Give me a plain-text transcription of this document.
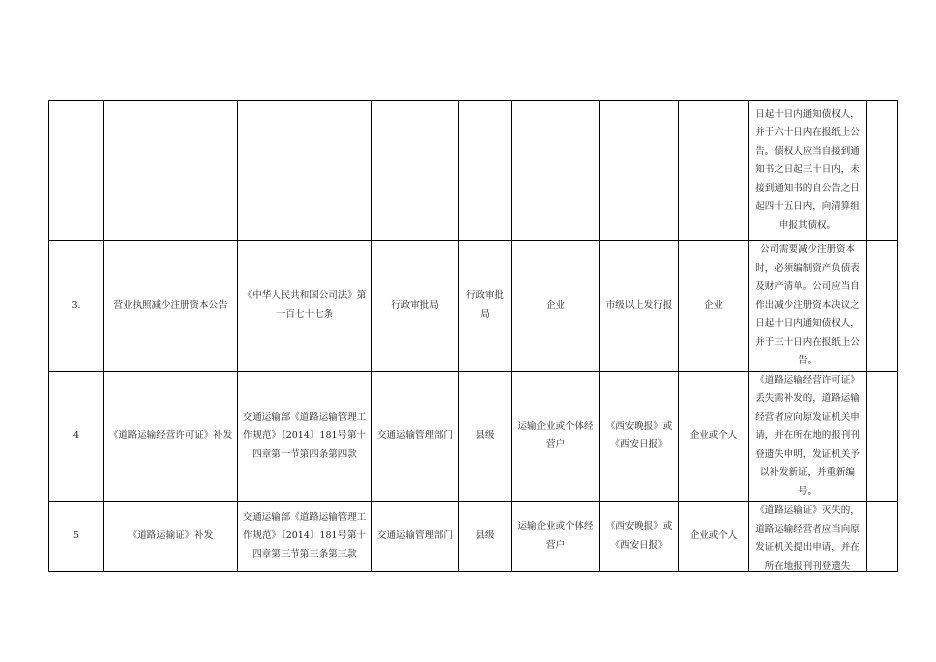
								日起十日内通知债权人，并于六十日内在报纸上公告。债权人应当自接到通知书之日起三十日内，未接到通知书的自公告之日起四十五日内，向清算组申报其债权。	
3.	营业执照减少注册资本公告	《中华人民共和国公司法》第一百七十七条	行政审批局	行政审批局	企业	市级以上发行报	企业	公司需要减少注册资本时，必须编制资产负债表及财产清单。公司应当自作出减少注册资本决议之日起十日内通知债权人，并于三十日内在报纸上公告。	
4	《道路运输经营许可证》补发	交通运输部《道路运输管理工作规范》〔2014〕181号第十四章第一节第四条第四款	交通运输管理部门	县级	运输企业或个体经营户	《西安晚报》或《西安日报》	企业或个人	《道路运输经营许可证》丢失需补发的，道路运输经营者应向原发证机关申请，并在所在地的报刊刊登遗失申明，发证机关予以补发新证，并重新编号。	
5	《道路运输证》补发	交通运输部《道路运输管理工作规范》〔2014〕181号第十四章第三节第三条第三款	交通运输管理部门	县级	运输企业或个体经营户	《西安晚报》或《西安日报》	企业或个人	《道路运输证》灭失的，道路运输经营者应当向原发证机关提出申请，并在所在地报刊刊登遗失	
